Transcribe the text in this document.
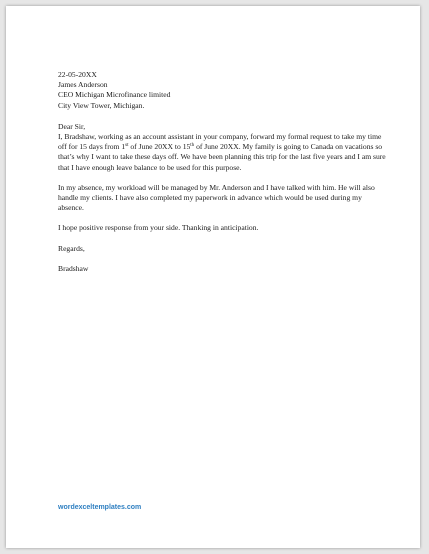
22-05-20XX

James Anderson

CEO Michigan Microfinance limited

City View Tower, Michigan.

Dear Sir,

I, Bradshaw, working as an account assistant in your company, forward my formal request to take my time off for 15 days from 1st of June 20XX to 15th of June 20XX. My family is going to Canada on vacations so that’s why I want to take these days off. We have been planning this trip for the last five years and I am sure that I have enough leave balance to be used for this purpose.

In my absence, my workload will be managed by Mr. Anderson and I have talked with him. He will also handle my clients. I have also completed my paperwork in advance which would be used during my absence.

I hope positive response from your side. Thanking in anticipation.

Regards,

Bradshaw

wordexceltemplates.com
